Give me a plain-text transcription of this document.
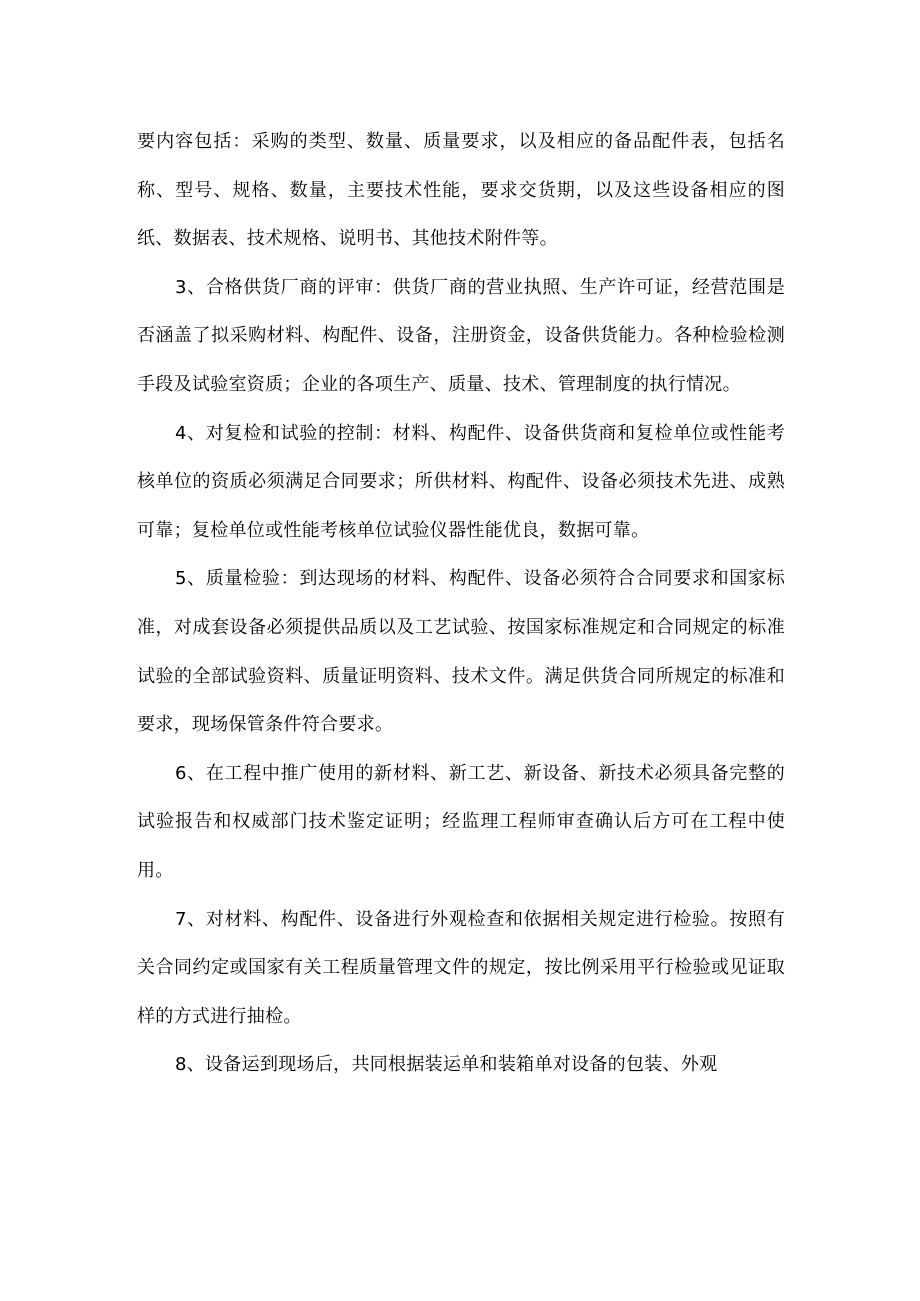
要内容包括：采购的类型、数量、质量要求，以及相应的备品配件表，包括名称、型号、规格、数量，主要技术性能，要求交货期，以及这些设备相应的图纸、数据表、技术规格、说明书、其他技术附件等。

3、合格供货厂商的评审：供货厂商的营业执照、生产许可证，经营范围是否涵盖了拟采购材料、构配件、设备，注册资金，设备供货能力。各种检验检测手段及试验室资质；企业的各项生产、质量、技术、管理制度的执行情况。

4、对复检和试验的控制：材料、构配件、设备供货商和复检单位或性能考核单位的资质必须满足合同要求；所供材料、构配件、设备必须技术先进、成熟可靠；复检单位或性能考核单位试验仪器性能优良，数据可靠。

5、质量检验：到达现场的材料、构配件、设备必须符合合同要求和国家标准，对成套设备必须提供品质以及工艺试验、按国家标准规定和合同规定的标准试验的全部试验资料、质量证明资料、技术文件。满足供货合同所规定的标准和要求，现场保管条件符合要求。

6、在工程中推广使用的新材料、新工艺、新设备、新技术必须具备完整的试验报告和权威部门技术鉴定证明；经监理工程师审查确认后方可在工程中使用。

7、对材料、构配件、设备进行外观检查和依据相关规定进行检验。按照有关合同约定或国家有关工程质量管理文件的规定，按比例采用平行检验或见证取样的方式进行抽检。

8、设备运到现场后，共同根据装运单和装箱单对设备的包装、外观
